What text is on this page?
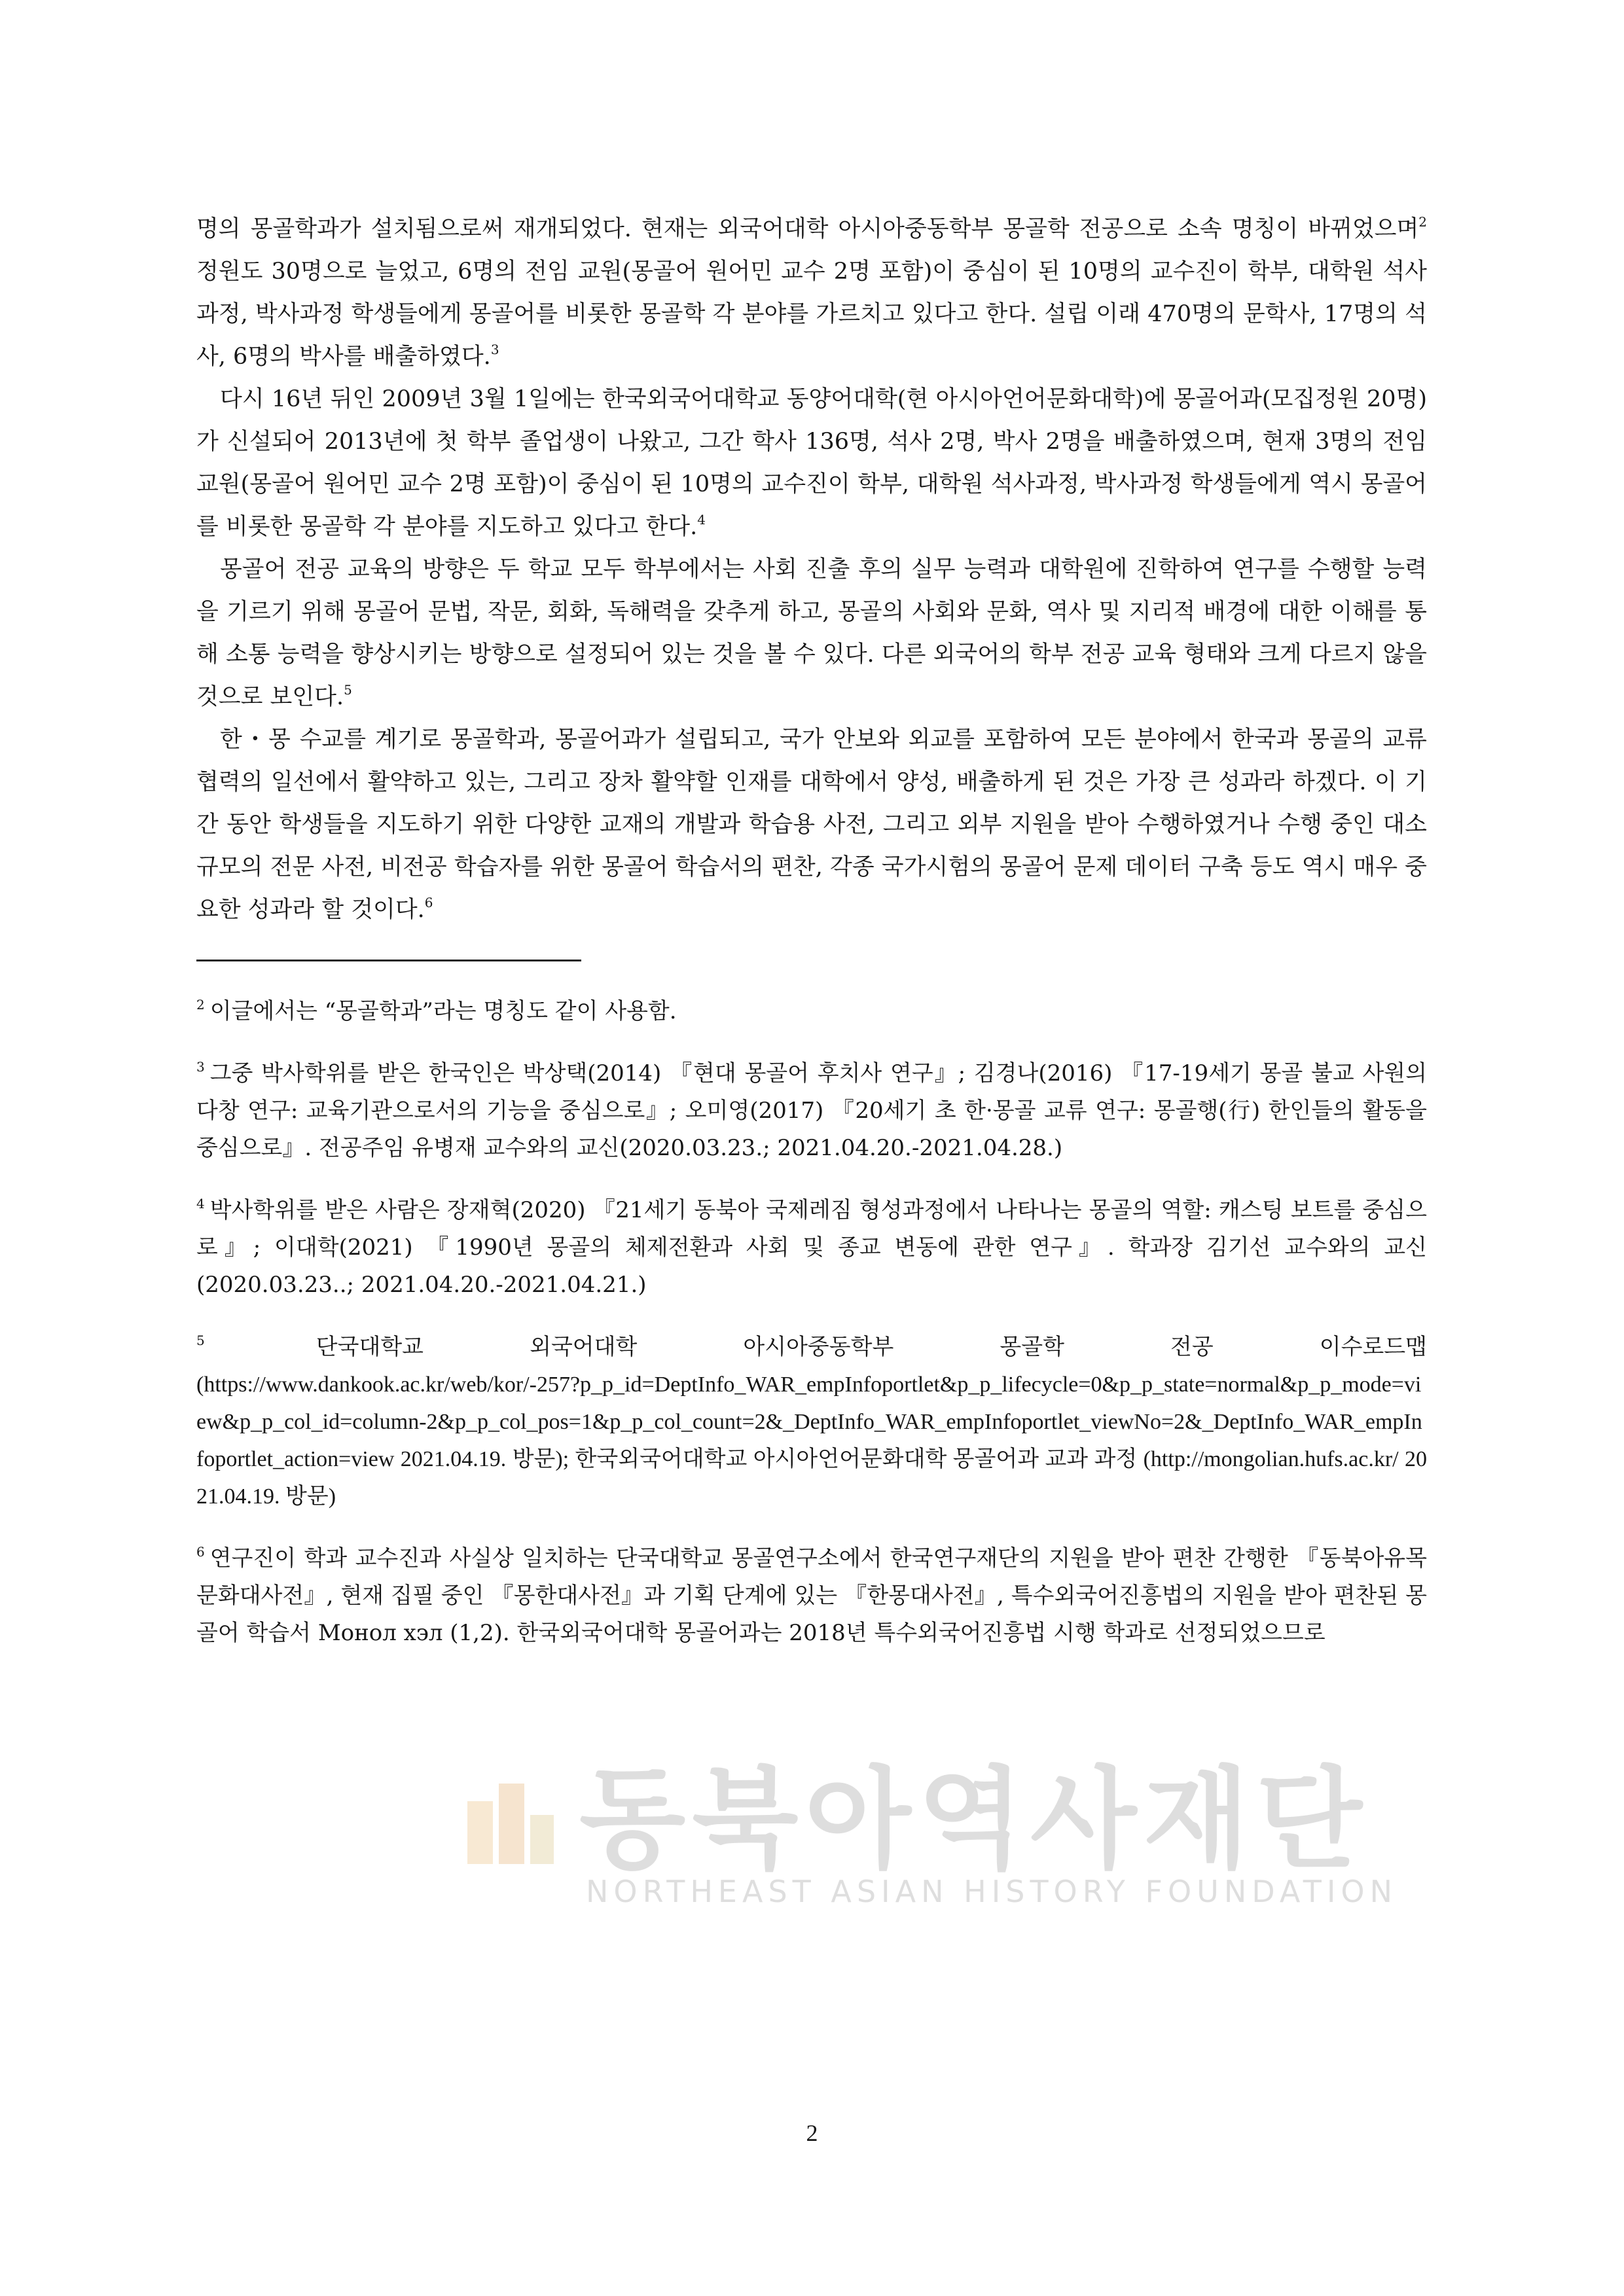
명의 몽골학과가 설치됨으로써 재개되었다. 현재는 외국어대학 아시아중동학부 몽골학 전공으로 소속 명칭이 바뀌었으며$^2$ 정원도 30명으로 늘었고, 6명의 전임 교원(몽골어 원어민 교수 2명 포함)이 중심이 된 10명의 교수진이 학부, 대학원 석사과정, 박사과정 학생들에게 몽골어를 비롯한 몽골학 각 분야를 가르치고 있다고 한다. 설립 이래 470명의 문학사, 17명의 석사, 6명의 박사를 배출하였다.$^3$

다시 16년 뒤인 2009년 3월 1일에는 한국외국어대학교 동양어대학(현 아시아언어문화대학)에 몽골어과(모집정원 20명)가 신설되어 2013년에 첫 학부 졸업생이 나왔고, 그간 학사 136명, 석사 2명, 박사 2명을 배출하였으며, 현재 3명의 전임 교원(몽골어 원어민 교수 2명 포함)이 중심이 된 10명의 교수진이 학부, 대학원 석사과정, 박사과정 학생들에게 역시 몽골어를 비롯한 몽골학 각 분야를 지도하고 있다고 한다.$^4$

몽골어 전공 교육의 방향은 두 학교 모두 학부에서는 사회 진출 후의 실무 능력과 대학원에 진학하여 연구를 수행할 능력을 기르기 위해 몽골어 문법, 작문, 회화, 독해력을 갖추게 하고, 몽골의 사회와 문화, 역사 및 지리적 배경에 대한 이해를 통해 소통 능력을 향상시키는 방향으로 설정되어 있는 것을 볼 수 있다. 다른 외국어의 학부 전공 교육 형태와 크게 다르지 않을 것으로 보인다.$^5$

한・몽 수교를 계기로 몽골학과, 몽골어과가 설립되고, 국가 안보와 외교를 포함하여 모든 분야에서 한국과 몽골의 교류 협력의 일선에서 활약하고 있는, 그리고 장차 활약할 인재를 대학에서 양성, 배출하게 된 것은 가장 큰 성과라 하겠다. 이 기간 동안 학생들을 지도하기 위한 다양한 교재의 개발과 학습용 사전, 그리고 외부 지원을 받아 수행하였거나 수행 중인 대소 규모의 전문 사전, 비전공 학습자를 위한 몽골어 학습서의 편찬, 각종 국가시험의 몽골어 문제 데이터 구축 등도 역시 매우 중요한 성과라 할 것이다.$^6$

$^2$ 이글에서는 “몽골학과”라는 명칭도 같이 사용함.
$^3$ 그중 박사학위를 받은 한국인은 박상택(2014) 『현대 몽골어 후치사 연구』; 김경나(2016) 『17-19세기 몽골 불교 사원의 다창 연구: 교육기관으로서의 기능을 중심으로』; 오미영(2017) 『20세기 초 한·몽골 교류 연구: 몽골행(行) 한인들의 활동을 중심으로』. 전공주임 유병재 교수와의 교신(2020.03.23.; 2021.04.20.-2021.04.28.)
$^4$ 박사학위를 받은 사람은 장재혁(2020) 『21세기 동북아 국제레짐 형성과정에서 나타나는 몽골의 역할: 캐스팅 보트를 중심으로』; 이대학(2021) 『1990년 몽골의 체제전환과 사회 및 종교 변동에 관한 연구』. 학과장 김기선 교수와의 교신(2020.03.23..; 2021.04.20.-2021.04.21.)
$^5$	단국대학교	외국어대학	아시아중동학부	몽골학	전공	이수로드맵
(https://www.dankook.ac.kr/web/kor/-257?p_p_id=DeptInfo_WAR_empInfoportlet&p_p_lifecycle=0&p_p_state=normal&p_p_mode=view&p_p_col_id=column-2&p_p_col_pos=1&p_p_col_count=2&_DeptInfo_WAR_empInfoportlet_viewNo=2&_DeptInfo_WAR_empInfoportlet_action=view 2021.04.19. 방문); 한국외국어대학교 아시아언어문화대학 몽골어과 교과 과정 (http://mongolian.hufs.ac.kr/ 2021.04.19. 방문)
$^6$ 연구진이 학과 교수진과 사실상 일치하는 단국대학교 몽골연구소에서 한국연구재단의 지원을 받아 편찬 간행한 『동북아유목문화대사전』, 현재 집필 중인 『몽한대사전』과 기획 단계에 있는 『한몽대사전』, 특수외국어진흥법의 지원을 받아 편찬된 몽골어 학습서 Монол хэл (1,2). 한국외국어대학 몽골어과는 2018년 특수외국어진흥법 시행 학과로 선정되었으므로
동북아역사재단
NORTHEAST ASIAN HISTORY FOUNDATION
2
